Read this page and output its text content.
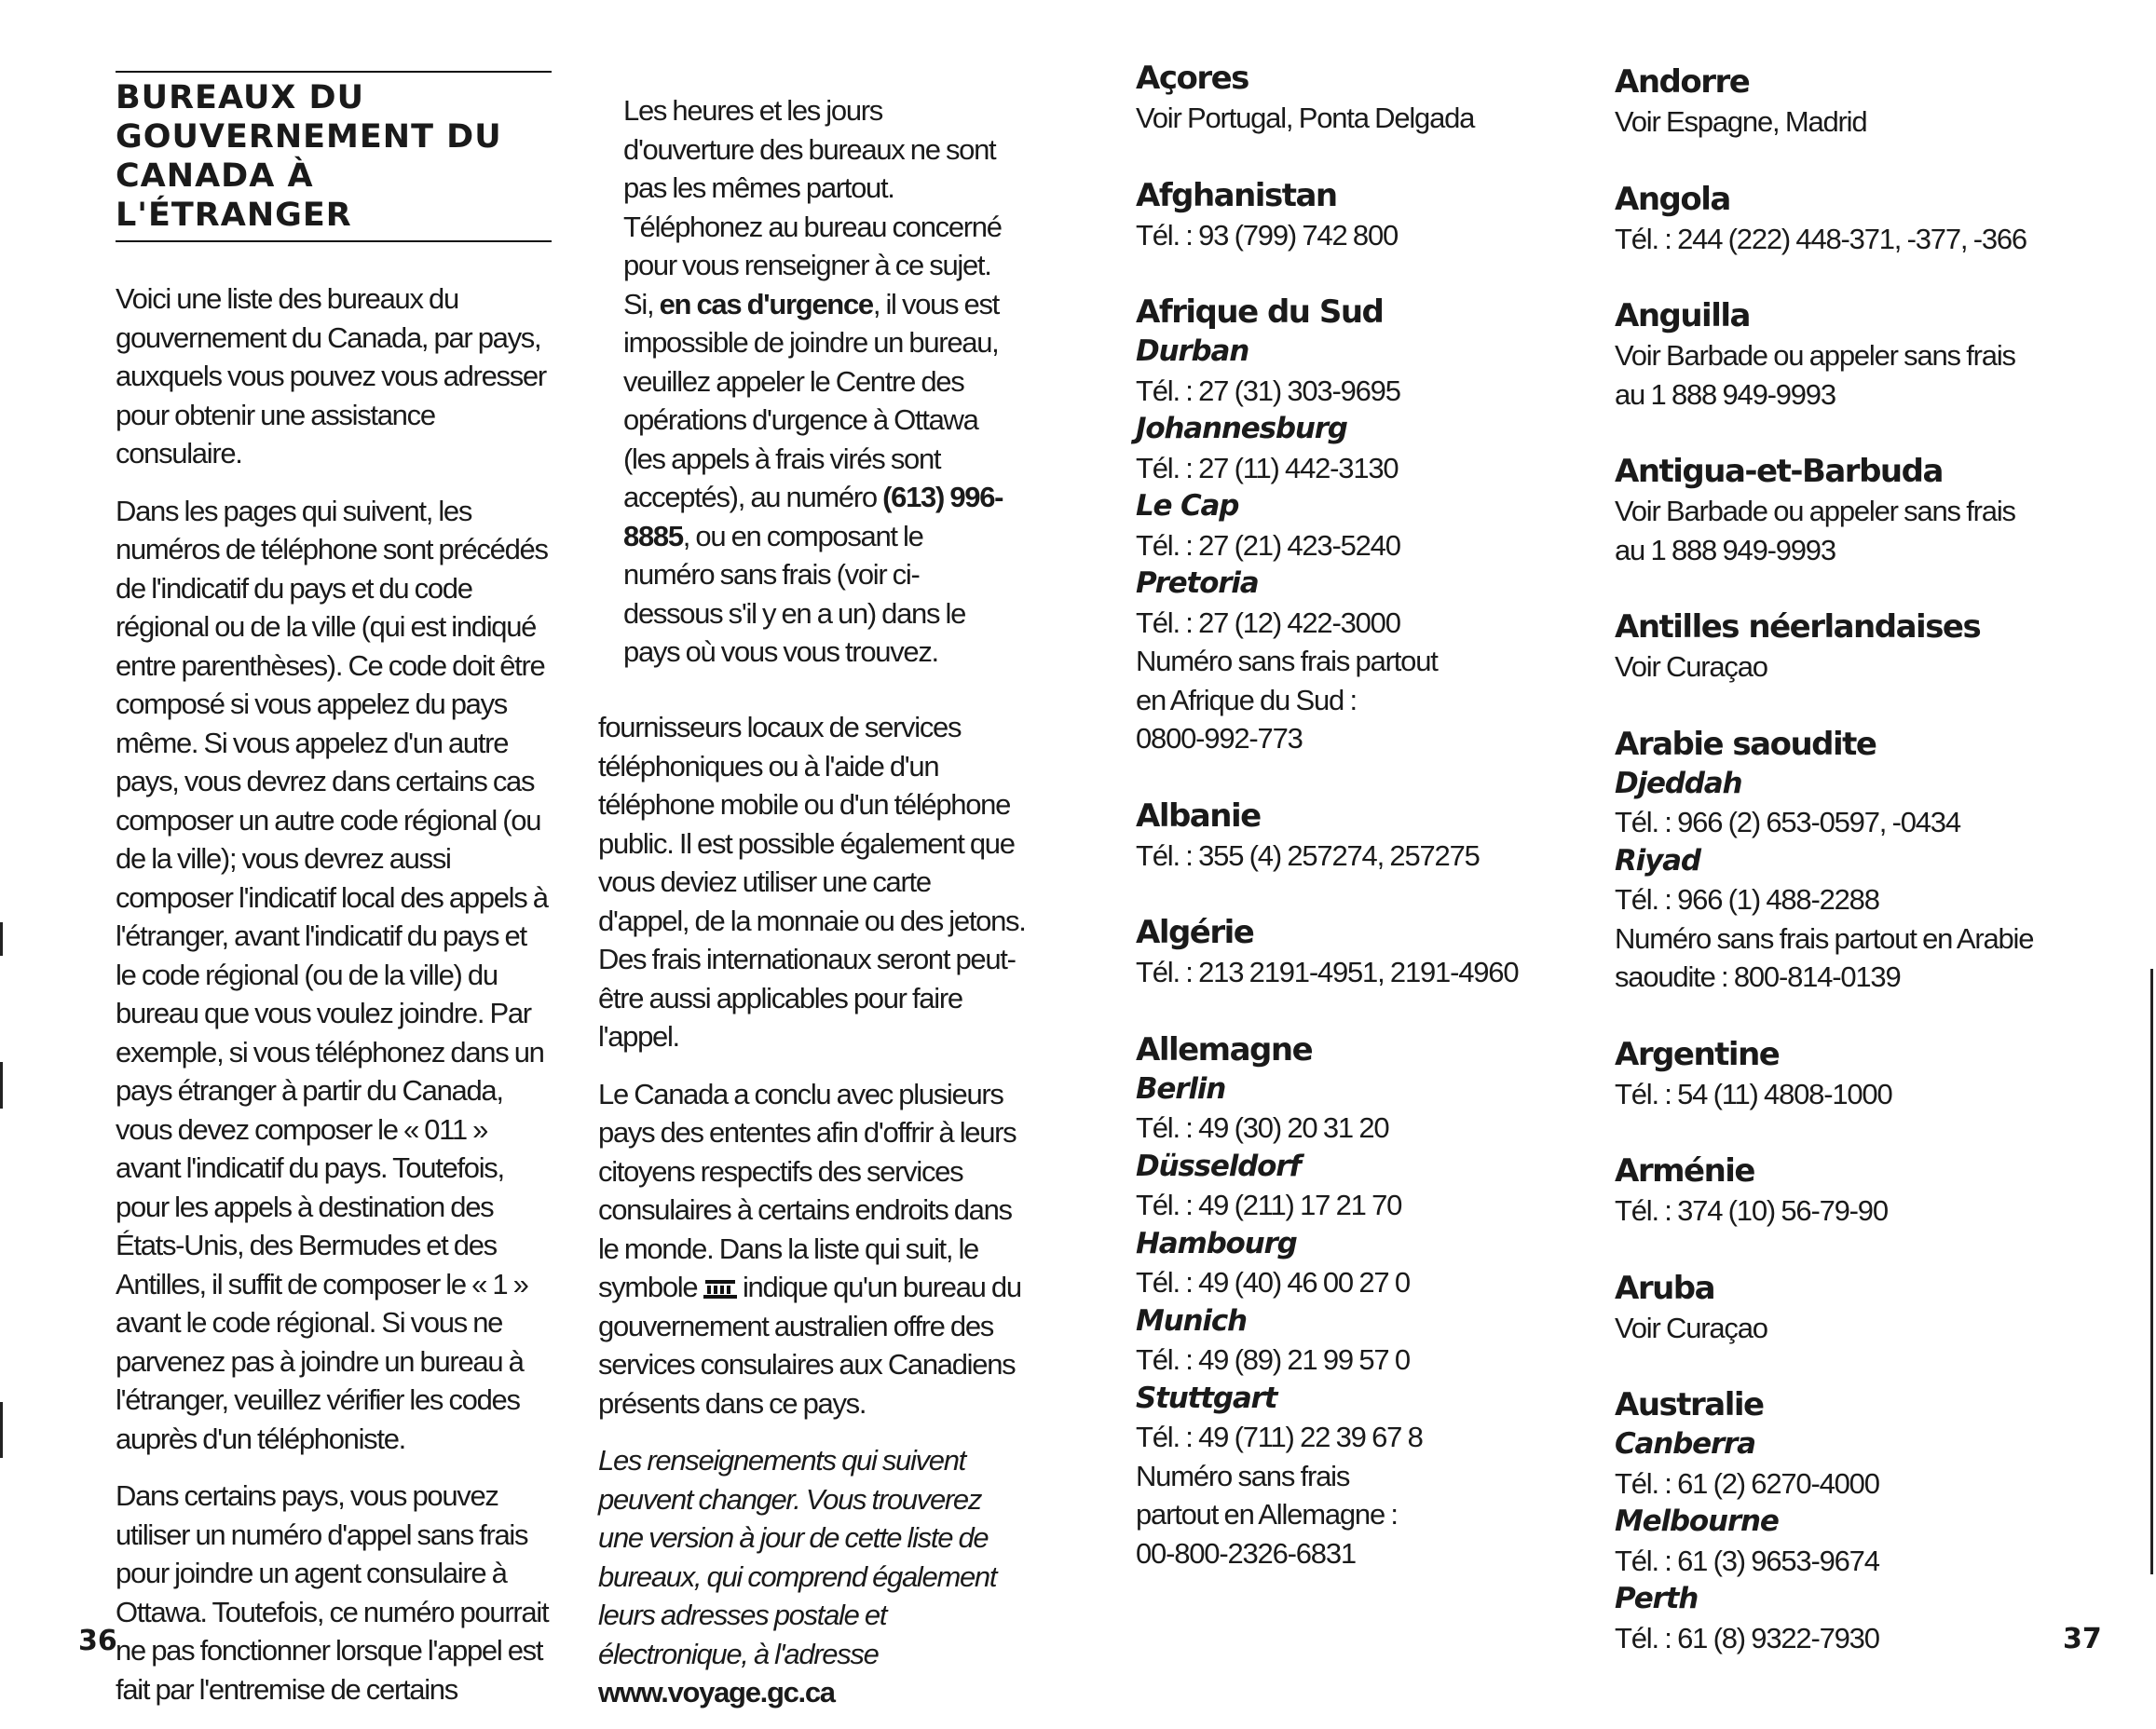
BUREAUX DU
GOUVERNEMENT DU
CANADA À L'ÉTRANGER

Voici une liste des bureaux du gouvernement du Canada, par pays, auxquels vous pouvez vous adresser pour obtenir une assistance consulaire.

Dans les pages qui suivent, les numéros de téléphone sont précédés de l'indicatif du pays et du code régional ou de la ville (qui est indiqué entre parenthèses). Ce code doit être composé si vous appelez du pays même. Si vous appelez d'un autre pays, vous devrez dans certains cas composer un autre code régional (ou de la ville); vous devrez aussi composer l'indicatif local des appels à l'étranger, avant l'indicatif du pays et le code régional (ou de la ville) du bureau que vous voulez joindre. Par exemple, si vous téléphonez dans un pays étranger à partir du Canada, vous devez composer le « 011 » avant l'indicatif du pays. Toutefois, pour les appels à destination des États-Unis, des Bermudes et des Antilles, il suffit de composer le « 1 » avant le code régional. Si vous ne parvenez pas à joindre un bureau à l'étranger, veuillez vérifier les codes auprès d'un téléphoniste.

Dans certains pays, vous pouvez utiliser un numéro d'appel sans frais pour joindre un agent consulaire à Ottawa. Toutefois, ce numéro pourrait ne pas fonctionner lorsque l'appel est fait par l'entremise de certains

Les heures et les jours d'ouverture des bureaux ne sont pas les mêmes partout. Téléphonez au bureau concerné pour vous renseigner à ce sujet. Si, en cas d'urgence, il vous est impossible de joindre un bureau, veuillez appeler le Centre des opérations d'urgence à Ottawa (les appels à frais virés sont acceptés), au numéro (613) 996-8885, ou en composant le numéro sans frais (voir ci-dessous s'il y en a un) dans le pays où vous vous trouvez.

fournisseurs locaux de services téléphoniques ou à l'aide d'un téléphone mobile ou d'un téléphone public. Il est possible également que vous deviez utiliser une carte d'appel, de la monnaie ou des jetons. Des frais internationaux seront peut-être aussi applicables pour faire l'appel.

Le Canada a conclu avec plusieurs pays des ententes afin d'offrir à leurs citoyens respectifs des services consulaires à certains endroits dans le monde. Dans la liste qui suit, le symbole  indique qu'un bureau du gouvernement australien offre des services consulaires aux Canadiens présents dans ce pays.

Les renseignements qui suivent peuvent changer. Vous trouverez une version à jour de cette liste de bureaux, qui comprend également leurs adresses postale et électronique, à l'adresse www.voyage.gc.ca

36
Açores
Voir Portugal, Ponta Delgada
Afghanistan
Tél. : 93 (799) 742 800
Afrique du Sud
Durban
Tél. : 27 (31) 303-9695
Johannesburg
Tél. : 27 (11) 442-3130
Le Cap
Tél. : 27 (21) 423-5240
Pretoria
Tél. : 27 (12) 422-3000
Numéro sans frais partout
en Afrique du Sud :
0800-992-773
Albanie
Tél. : 355 (4) 257274, 257275
Algérie
Tél. : 213 2191-4951, 2191-4960
Allemagne
Berlin
Tél. : 49 (30) 20 31 20
Düsseldorf
Tél. : 49 (211) 17 21 70
Hambourg
Tél. : 49 (40) 46 00 27 0
Munich
Tél. : 49 (89) 21 99 57 0
Stuttgart
Tél. : 49 (711) 22 39 67 8
Numéro sans frais
partout en Allemagne :
00-800-2326-6831
Andorre
Voir Espagne, Madrid
Angola
Tél. : 244 (222) 448-371, -377, -366
Anguilla
Voir Barbade ou appeler sans frais
au 1 888 949-9993
Antigua-et-Barbuda
Voir Barbade ou appeler sans frais
au 1 888 949-9993
Antilles néerlandaises
Voir Curaçao
Arabie saoudite
Djeddah
Tél. : 966 (2) 653-0597, -0434
Riyad
Tél. : 966 (1) 488-2288
Numéro sans frais partout en Arabie
saoudite : 800-814-0139
Argentine
Tél. : 54 (11) 4808-1000
Arménie
Tél. : 374 (10) 56-79-90
Aruba
Voir Curaçao
Australie
Canberra
Tél. : 61 (2) 6270-4000
Melbourne
Tél. : 61 (3) 9653-9674
Perth
Tél. : 61 (8) 9322-7930	37
